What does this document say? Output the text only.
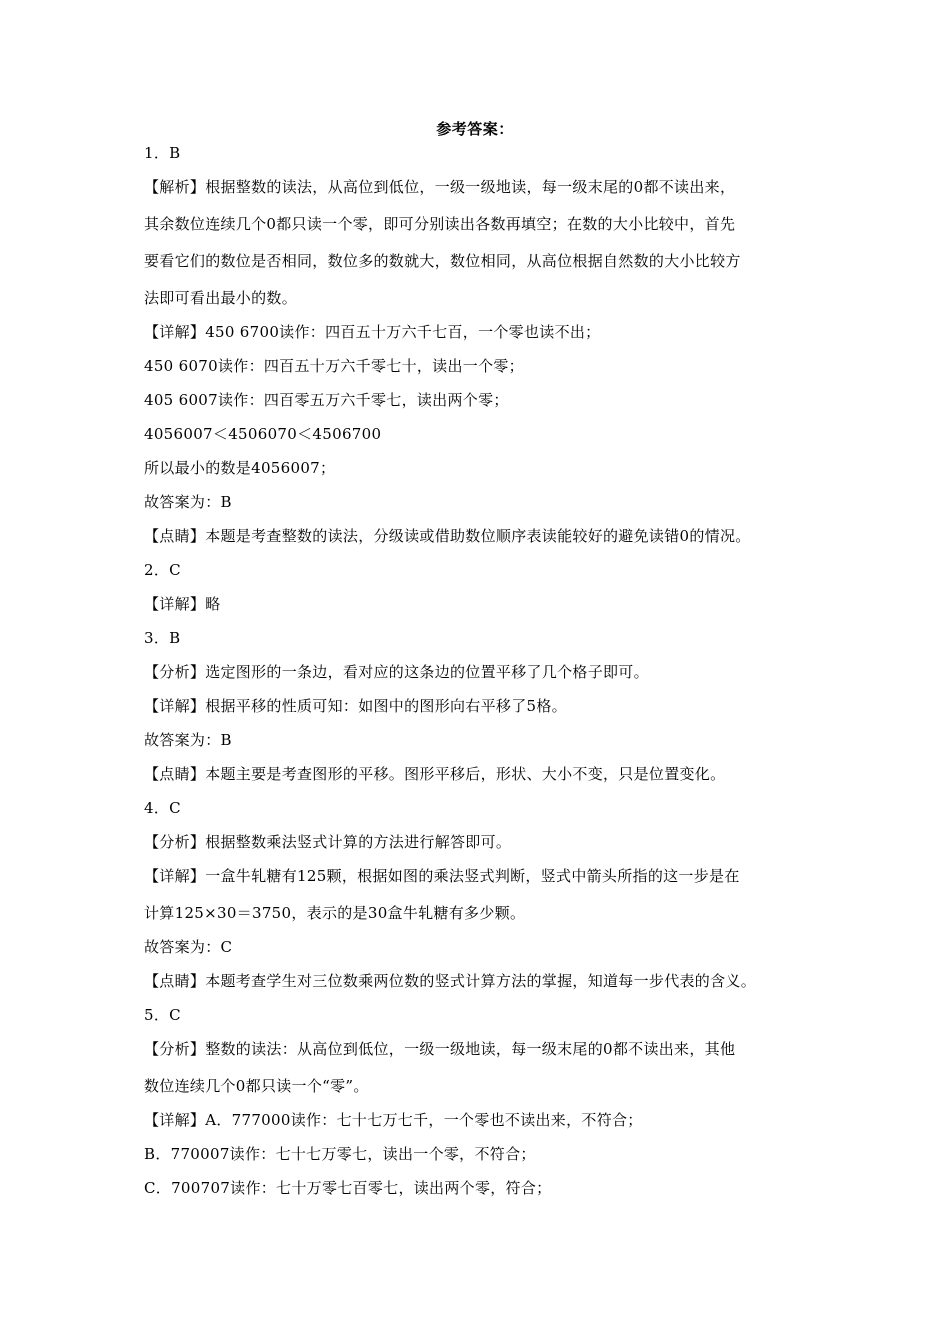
参考答案：
1．B
【解析】根据整数的读法，从高位到低位，一级一级地读，每一级末尾的0都不读出来，
其余数位连续几个0都只读一个零，即可分别读出各数再填空；在数的大小比较中，首先
要看它们的数位是否相同，数位多的数就大，数位相同，从高位根据自然数的大小比较方
法即可看出最小的数。
【详解】450 6700读作：四百五十万六千七百，一个零也读不出；
450 6070读作：四百五十万六千零七十，读出一个零；
405 6007读作：四百零五万六千零七，读出两个零；
4056007＜4506070＜4506700
所以最小的数是4056007；
故答案为：B
【点睛】本题是考查整数的读法，分级读或借助数位顺序表读能较好的避免读错0的情况。
2．C
【详解】略
3．B
【分析】选定图形的一条边，看对应的这条边的位置平移了几个格子即可。
【详解】根据平移的性质可知：如图中的图形向右平移了5格。
故答案为：B
【点睛】本题主要是考查图形的平移。图形平移后，形状、大小不变，只是位置变化。
4．C
【分析】根据整数乘法竖式计算的方法进行解答即可。
【详解】一盒牛轧糖有125颗，根据如图的乘法竖式判断，竖式中箭头所指的这一步是在
计算125×30＝3750，表示的是30盒牛轧糖有多少颗。
故答案为：C
【点睛】本题考查学生对三位数乘两位数的竖式计算方法的掌握，知道每一步代表的含义。
5．C
【分析】整数的读法：从高位到低位，一级一级地读，每一级末尾的0都不读出来，其他
数位连续几个0都只读一个“零”。
【详解】A．777000读作：七十七万七千，一个零也不读出来，不符合；
B．770007读作：七十七万零七，读出一个零，不符合；
C．700707读作：七十万零七百零七，读出两个零，符合；
